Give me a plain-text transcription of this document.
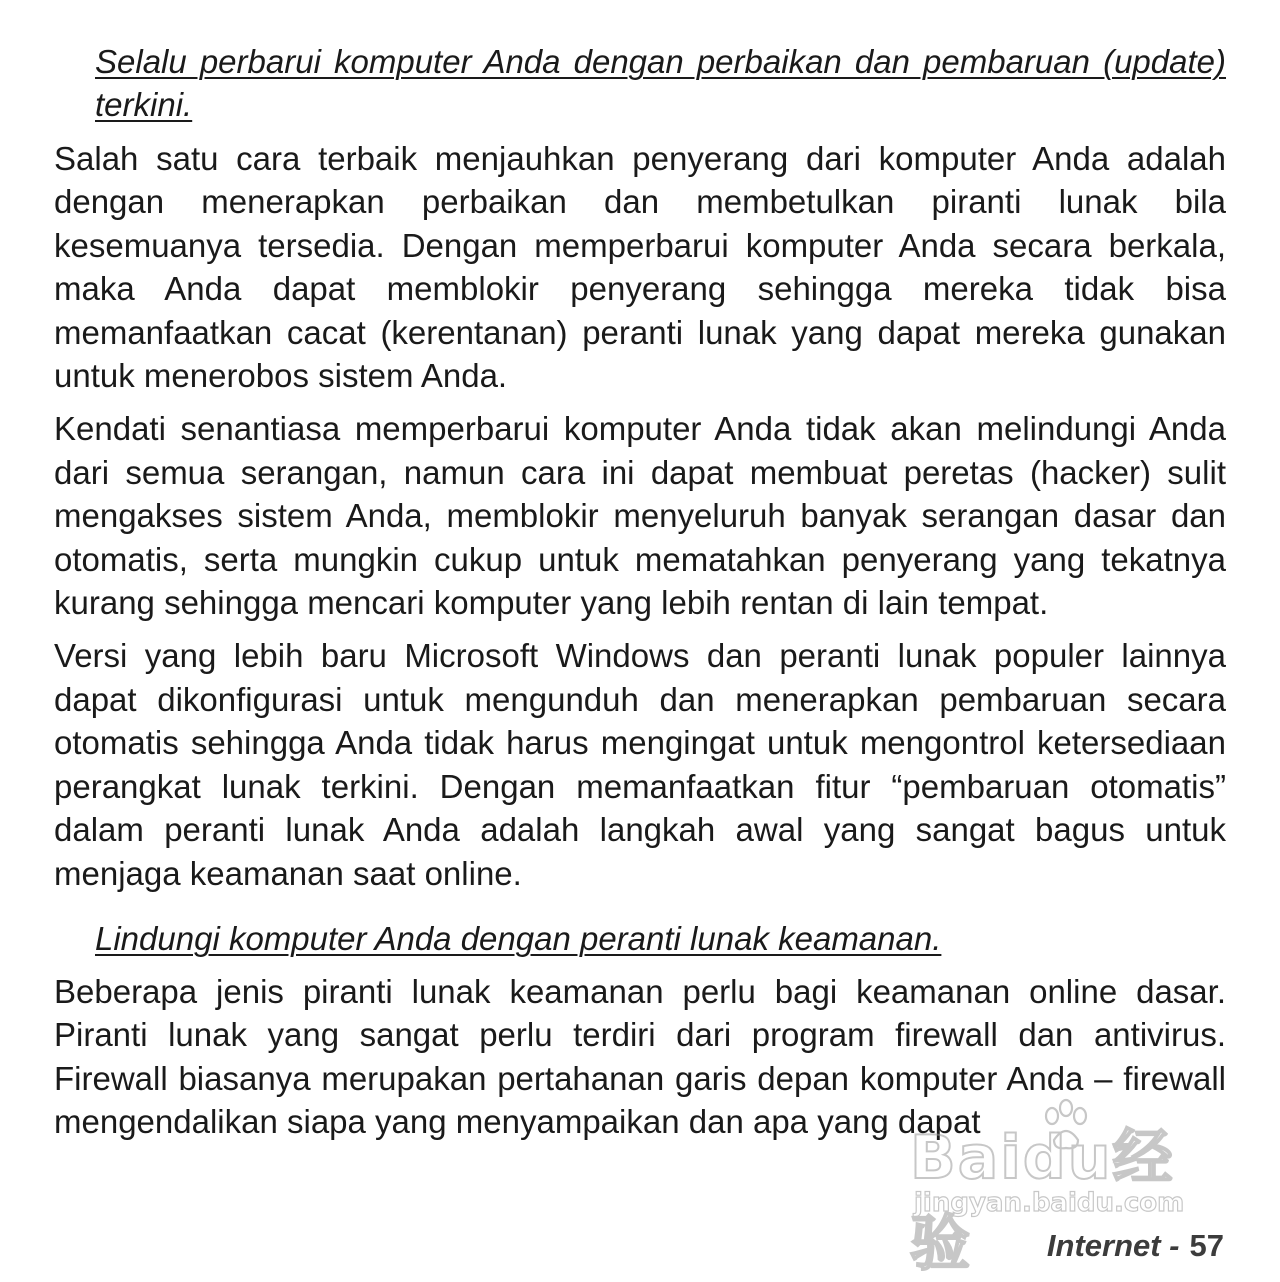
Selalu perbarui komputer Anda dengan perbaikan dan pembaruan (update) terkini.

Salah satu cara terbaik menjauhkan penyerang dari komputer Anda adalah dengan menerapkan perbaikan dan membetulkan piranti lunak bila kesemuanya tersedia. Dengan memperbarui komputer Anda secara berkala, maka Anda dapat memblokir penyerang sehingga mereka tidak bisa memanfaatkan cacat (kerentanan) peranti lunak yang dapat mereka gunakan untuk menerobos sistem Anda.

Kendati senantiasa memperbarui komputer Anda tidak akan melindungi Anda dari semua serangan, namun cara ini dapat membuat peretas (hacker) sulit mengakses sistem Anda, memblokir menyeluruh banyak serangan dasar dan otomatis, serta mungkin cukup untuk mematahkan penyerang yang tekatnya kurang sehingga mencari komputer yang lebih rentan di lain tempat.

Versi yang lebih baru Microsoft Windows dan peranti lunak populer lainnya dapat dikonfigurasi untuk mengunduh dan menerapkan pembaruan secara otomatis sehingga Anda tidak harus mengingat untuk mengontrol ketersediaan perangkat lunak terkini. Dengan memanfaatkan fitur “pembaruan otomatis” dalam peranti lunak Anda adalah langkah awal yang sangat bagus untuk menjaga keamanan saat online.

Lindungi komputer Anda dengan peranti lunak keamanan.

Beberapa jenis piranti lunak keamanan perlu bagi keamanan online dasar. Piranti lunak yang sangat perlu terdiri dari program firewall dan antivirus. Firewall biasanya merupakan pertahanan garis depan komputer Anda – firewall mengendalikan siapa yang menyampaikan dan apa yang dapat

Internet - 57
Baidu经验
jingyan.baidu.com
